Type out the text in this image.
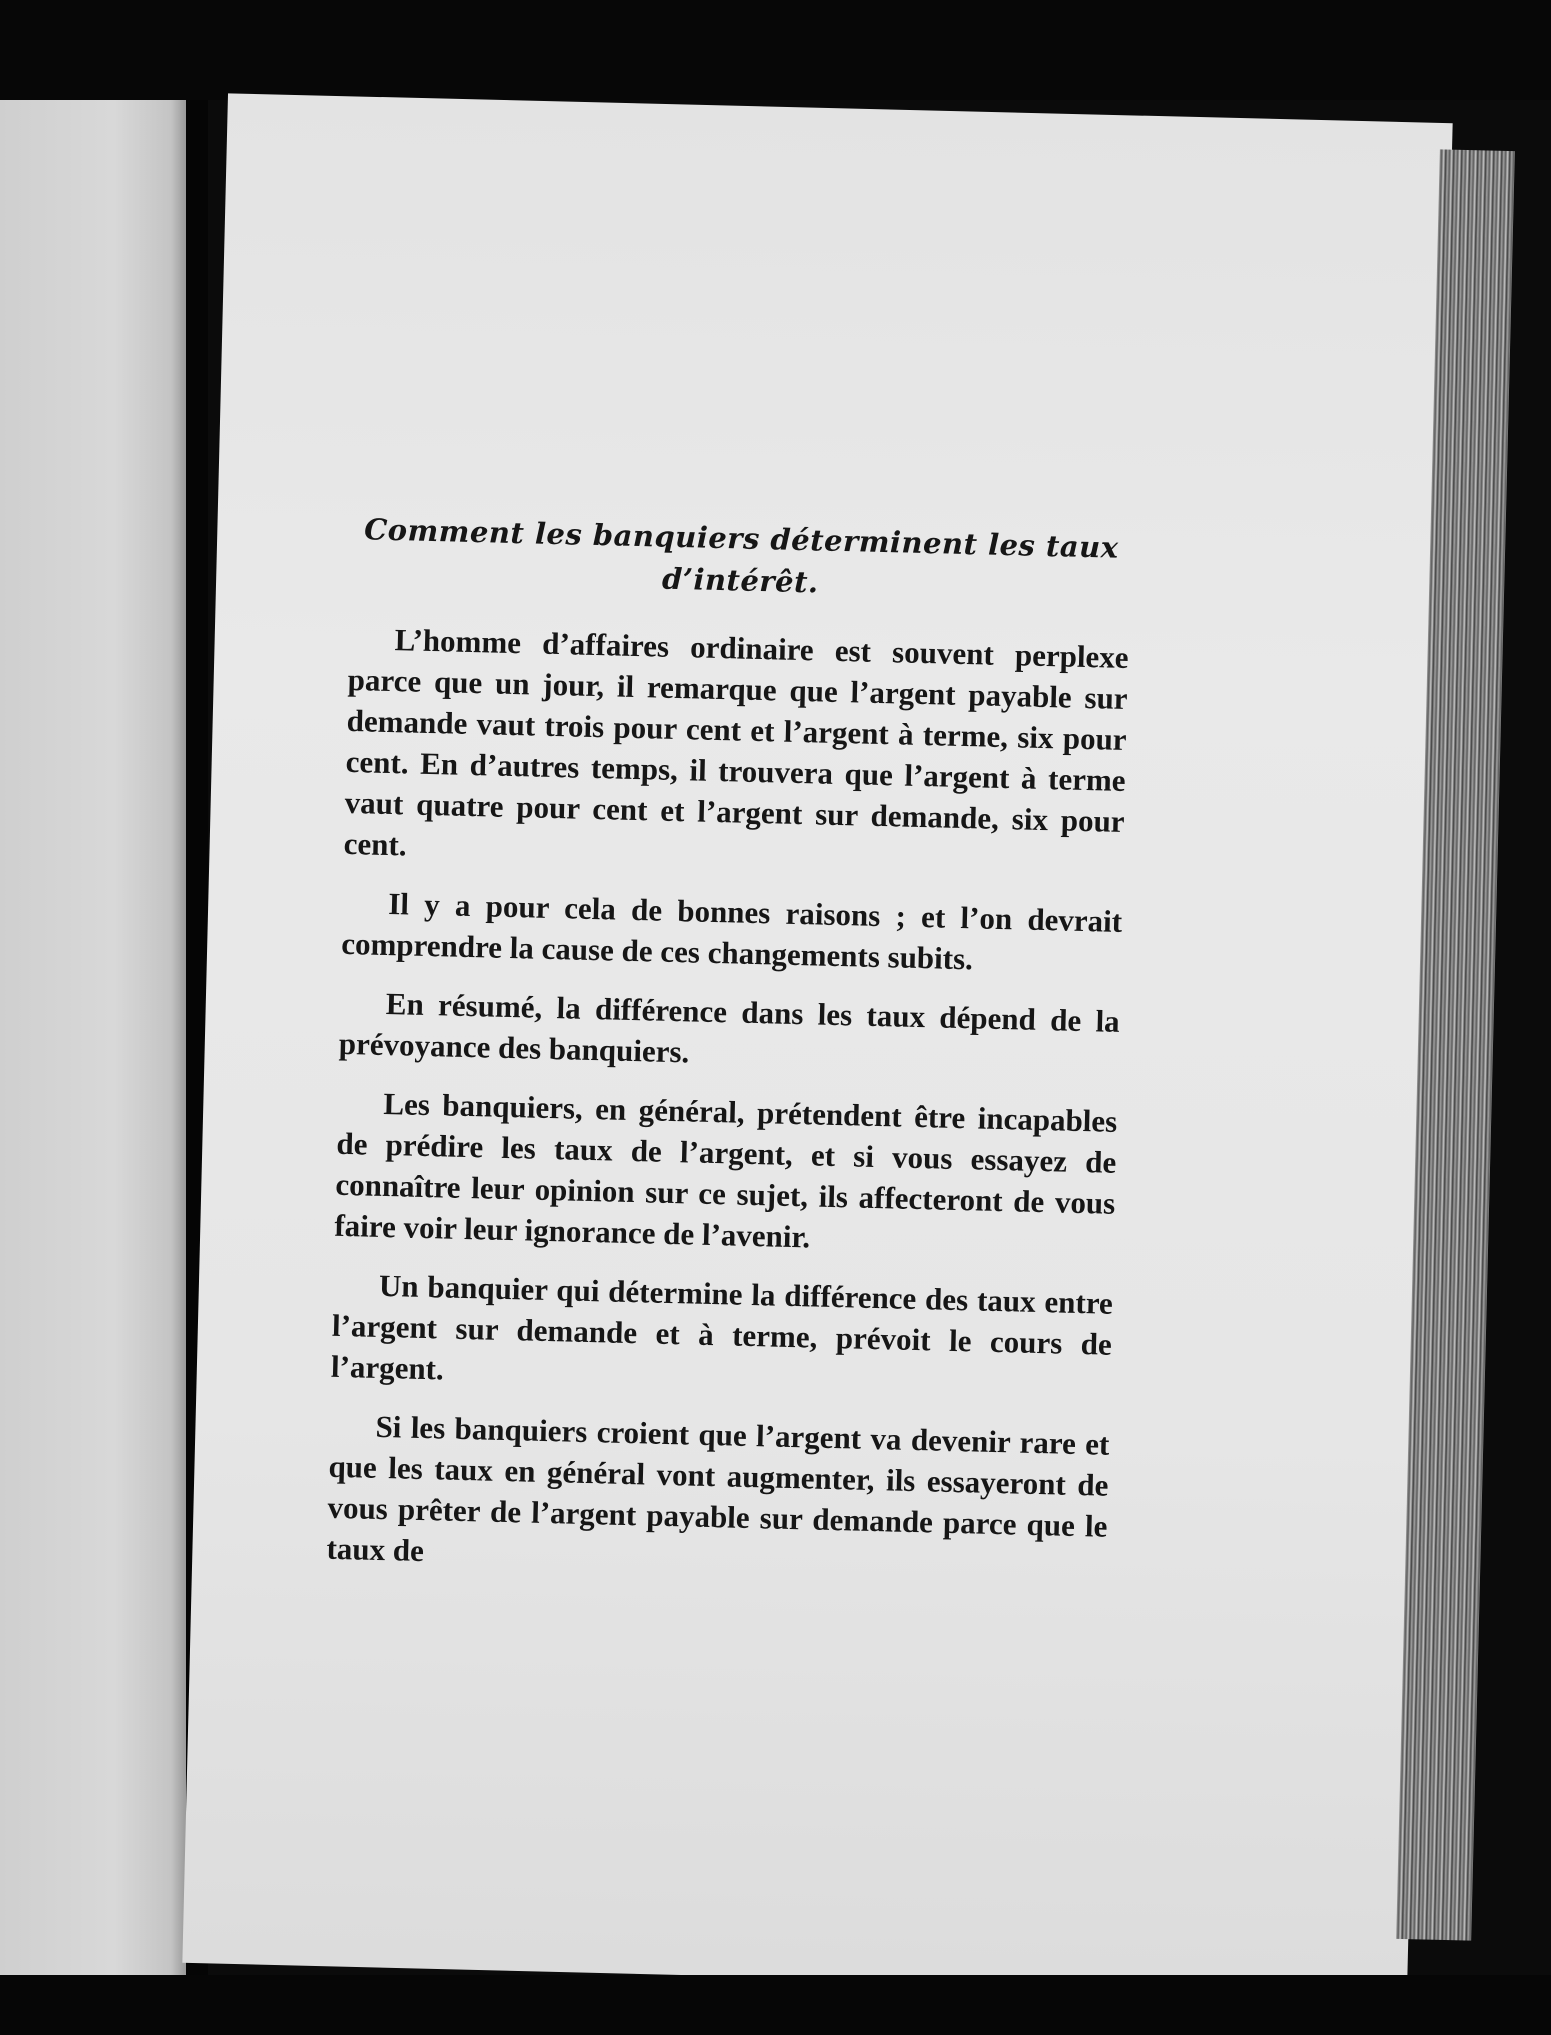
Comment les banquiers déterminent les taux d’intérêt.

L’homme d’affaires ordinaire est souvent perplexe parce que un jour, il remarque que l’argent payable sur demande vaut trois pour cent et l’argent à terme, six pour cent. En d’autres temps, il trouvera que l’argent à terme vaut quatre pour cent et l’argent sur demande, six pour cent.

Il y a pour cela de bonnes raisons ; et l’on devrait comprendre la cause de ces changements subits.

En résumé, la différence dans les taux dépend de la prévoyance des banquiers.

Les banquiers, en général, prétendent être incapables de prédire les taux de l’argent, et si vous essayez de connaître leur opinion sur ce sujet, ils affecteront de vous faire voir leur ignorance de l’avenir.

Un banquier qui détermine la différence des taux entre l’argent sur demande et à terme, prévoit le cours de l’argent.

Si les banquiers croient que l’argent va devenir rare et que les taux en général vont augmenter, ils essayeront de vous prêter de l’argent payable sur demande parce que le taux de
